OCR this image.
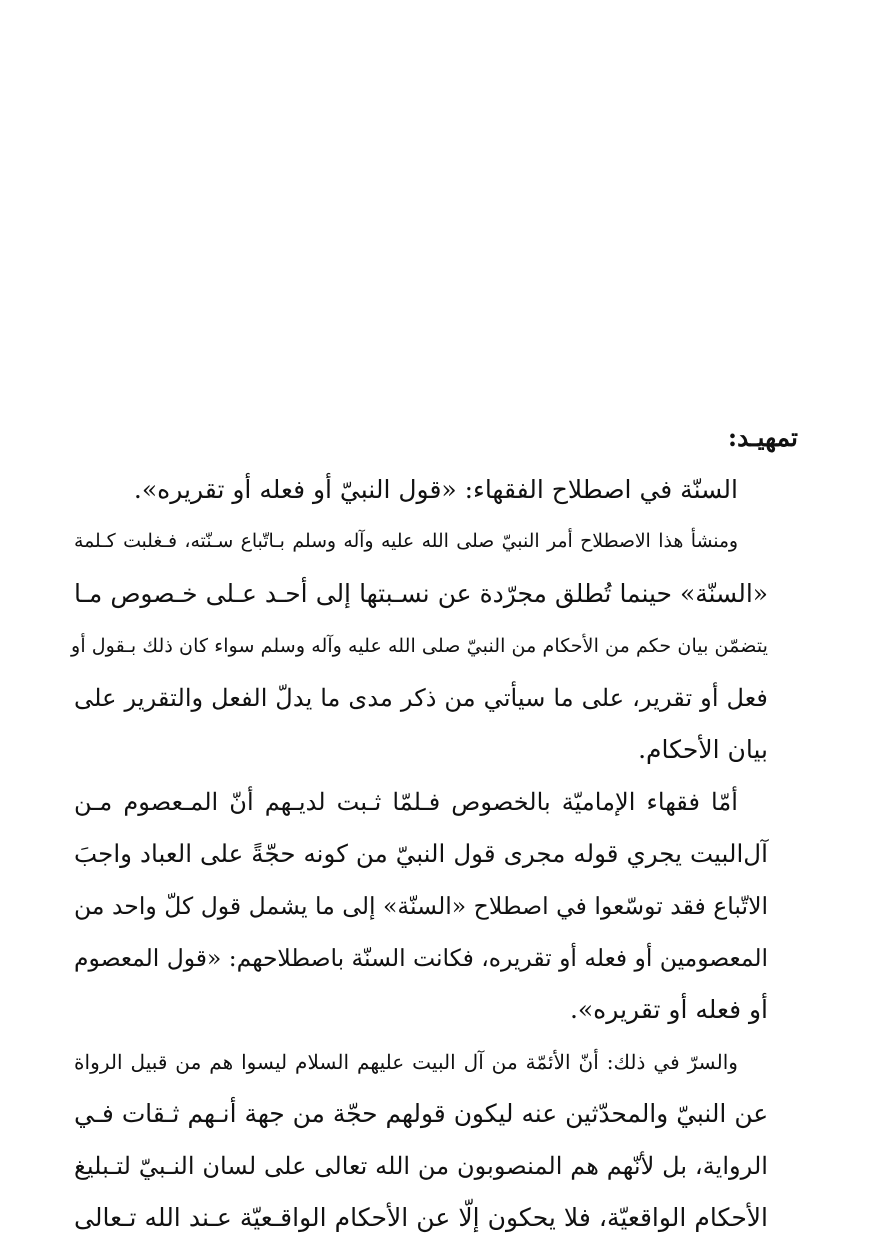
تمهيـد:
السنّة في اصطلاح الفقهاء: «قول النبيّ أو فعله أو تقريره».
ومنشأ هذا الاصطلاح أمر النبيّ صلى الله عليه وآله وسلم بـاتّباع سـنّته، فـغلبت كـلمة
«السنّة» حينما تُطلق مجرّدة عن نسـبتها إلى أحـد عـلى خـصوص مـا
يتضمّن بيان حكم من الأحكام من النبيّ صلى الله عليه وآله وسلم سواء كان ذلك بـقول أو
فعل أو تقرير، على ما سيأتي من ذكر مدى ما يدلّ الفعل والتقرير على
بيان الأحكام.
أمّا فقهاء الإماميّة بالخصوص فـلمّا ثـبت لديـهم أنّ المـعصوم مـن
آل‌البيت يجري قوله مجرى قول النبيّ من كونه حجّةً على العباد واجبَ
الاتّباع فقد توسّعوا في اصطلاح «السنّة» إلى ما يشمل قول كلّ واحد من
المعصومين أو فعله أو تقريره، فكانت السنّة باصطلاحهم: «قول المعصوم
أو فعله أو تقريره».
والسرّ في ذلك: أنّ الأئمّة من آل البيت عليهم السلام ليسوا هم من قبيل الرواة
عن النبيّ والمحدّثين عنه ليكون قولهم حجّة من جهة أنـهم ثـقات فـي
الرواية، بل لأنّهم هم المنصوبون من الله تعالى على لسان النـبيّ لتـبليغ
الأحكام الواقعيّة، فلا يحكون إلّا عن الأحكام الواقـعيّة عـند الله تـعالى
